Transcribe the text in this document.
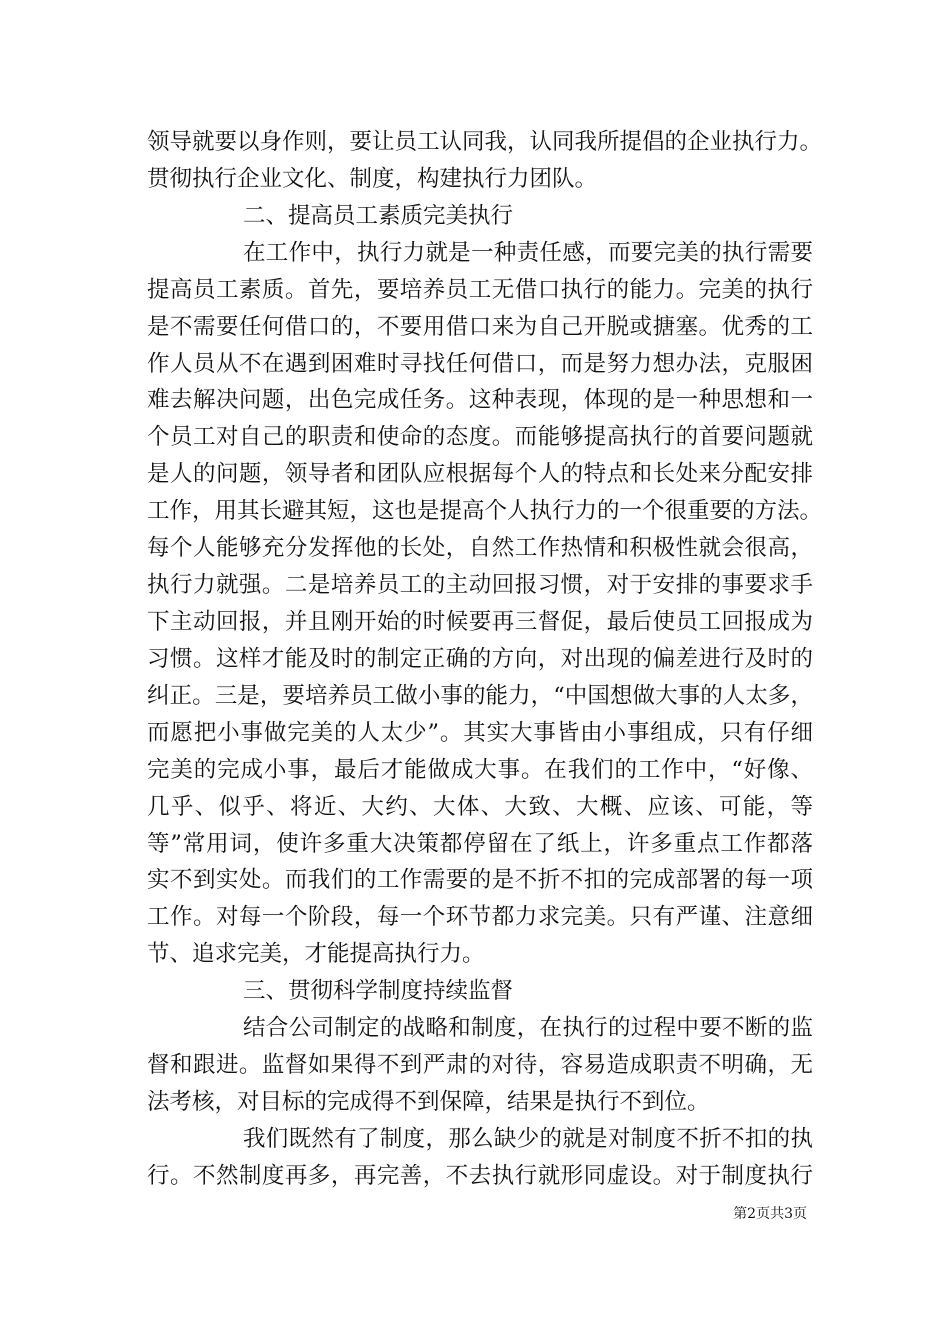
领导就要以身作则，要让员工认同我，认同我所提倡的企业执行力。
贯彻执行企业文化、制度，构建执行力团队。
二、提高员工素质完美执行
在工作中，执行力就是一种责任感，而要完美的执行需要
提高员工素质。首先，要培养员工无借口执行的能力。完美的执行
是不需要任何借口的，不要用借口来为自己开脱或搪塞。优秀的工
作人员从不在遇到困难时寻找任何借口，而是努力想办法，克服困
难去解决问题，出色完成任务。这种表现，体现的是一种思想和一
个员工对自己的职责和使命的态度。而能够提高执行的首要问题就
是人的问题，领导者和团队应根据每个人的特点和长处来分配安排
工作，用其长避其短，这也是提高个人执行力的一个很重要的方法。
每个人能够充分发挥他的长处，自然工作热情和积极性就会很高，
执行力就强。二是培养员工的主动回报习惯，对于安排的事要求手
下主动回报，并且刚开始的时候要再三督促，最后使员工回报成为
习惯。这样才能及时的制定正确的方向，对出现的偏差进行及时的
纠正。三是，要培养员工做小事的能力，“中国想做大事的人太多，
而愿把小事做完美的人太少”。其实大事皆由小事组成，只有仔细
完美的完成小事，最后才能做成大事。在我们的工作中，“好像、
几乎、似乎、将近、大约、大体、大致、大概、应该、可能，等
等”常用词，使许多重大决策都停留在了纸上，许多重点工作都落
实不到实处。而我们的工作需要的是不折不扣的完成部署的每一项
工作。对每一个阶段，每一个环节都力求完美。只有严谨、注意细
节、追求完美，才能提高执行力。
三、贯彻科学制度持续监督
结合公司制定的战略和制度，在执行的过程中要不断的监
督和跟进。监督如果得不到严肃的对待，容易造成职责不明确，无
法考核，对目标的完成得不到保障，结果是执行不到位。
我们既然有了制度，那么缺少的就是对制度不折不扣的执
行。不然制度再多，再完善，不去执行就形同虚设。对于制度执行
第2页共3页
